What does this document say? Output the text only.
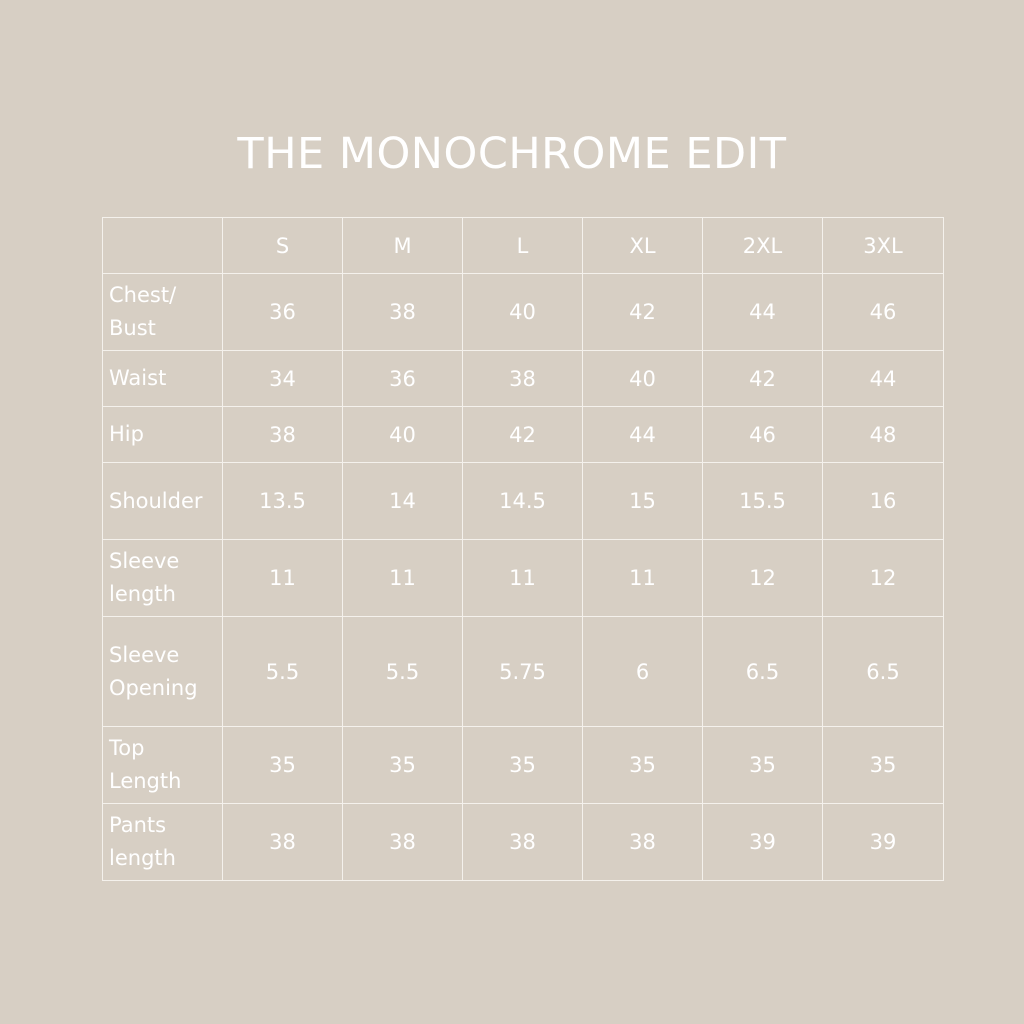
THE MONOCHROME EDIT
	S	M	L	XL	2XL	3XL
Chest/
Bust	36	38	40	42	44	46
Waist	34	36	38	40	42	44
Hip	38	40	42	44	46	48
Shoulder	13.5	14	14.5	15	15.5	16
Sleeve
length	11	11	11	11	12	12
Sleeve
Opening	5.5	5.5	5.75	6	6.5	6.5
Top
Length	35	35	35	35	35	35
Pants
length	38	38	38	38	39	39
